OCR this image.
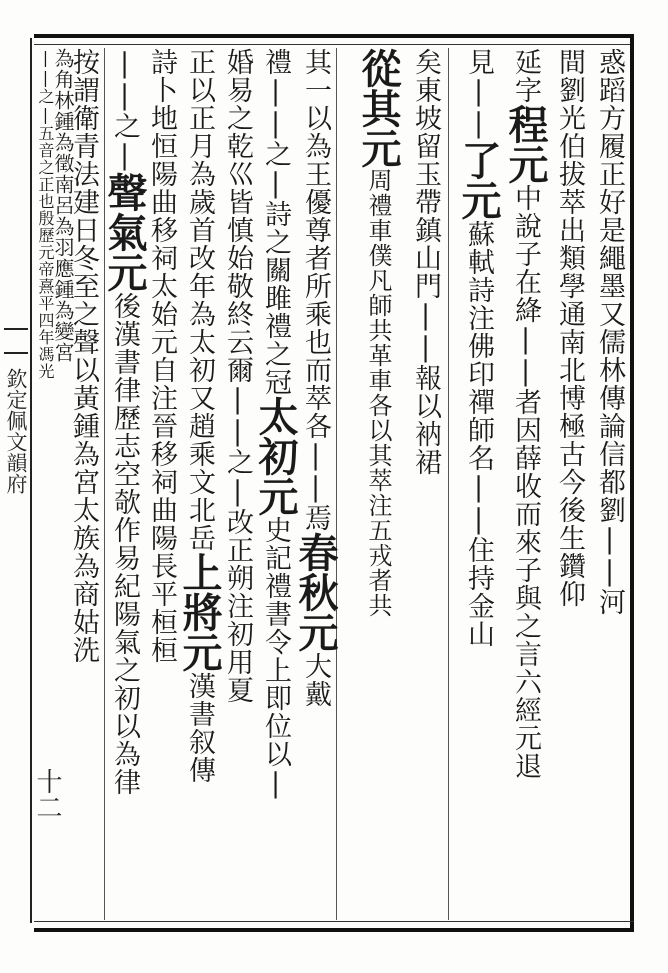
惑蹈方履正好是繩墨又儒林傳論信都劉||河
間劉光伯拔萃出類學通南北博極古今後生鑽仰
延字程元中說子在絳||者因薛收而來子與之言六經元退
見||了元蘇軾詩注佛印禪師名||住持金山
矣東坡留玉帶鎮山門||報以衲裙
從其元周禮車僕凡師共革車各以其萃注五戎者共
其一以為王優尊者所乘也而萃各||焉春秋元大戴
禮||之|詩之關雎禮之冠太初元史記禮書令上即位以|
婚易之乾巛皆慎始敬終云爾||之|改正朔注初用夏
正以正月為歲首改年為太初又趙乘文北岳上將元漢書叙傳
詩卜地恒陽曲移祠太始元自注晉移祠曲陽長平桓桓
||之|聲氣元後漢書律歷志空欹作易紀陽氣之初以為律
按謂衛青法建日冬至之聲以黃鍾為宮太族為商姑洗
為角林鍾為徵南呂為羽應鍾為變宮
||之|五音之正也殷歷元帝熹平四年馮光
欽定佩文韻府
十二
